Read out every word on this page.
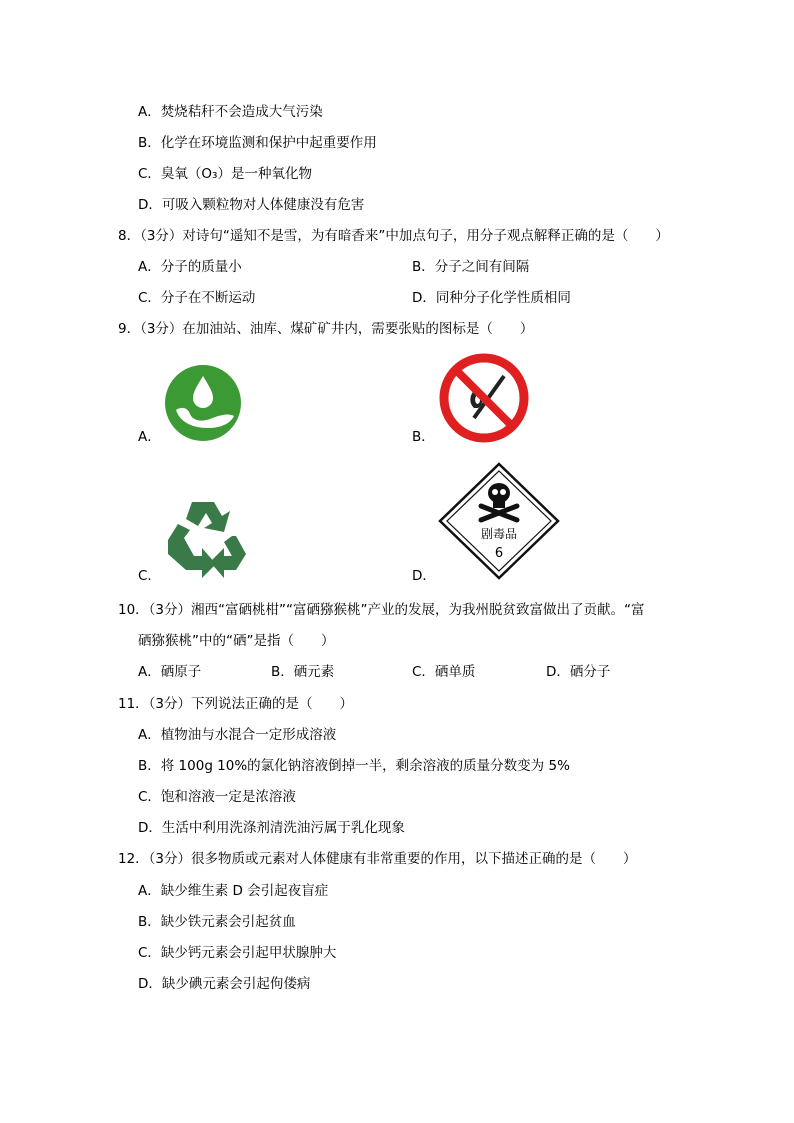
A．焚烧秸秆不会造成大气污染
B．化学在环境监测和保护中起重要作用
C．臭氧（O₃）是一种氧化物
D．可吸入颗粒物对人体健康没有危害
8．（3分）对诗句“遥知不是雪，为有暗香来”中加点句子，用分子观点解释正确的是（　　）
A．分子的质量小	B．分子之间有间隔
C．分子在不断运动	D．同种分子化学性质相同
9．（3分）在加油站、油库、煤矿矿井内，需要张贴的图标是（　　）
A．	B．
C．	D．
剧毒品
6
10．（3分）湘西“富硒桃柑”“富硒猕猴桃”产业的发展，为我州脱贫致富做出了贡献。“富
硒猕猴桃”中的“硒”是指（　　）
A．硒原子	B．硒元素	C．硒单质	D．硒分子
11．（3分）下列说法正确的是（　　）
A．植物油与水混合一定形成溶液
B．将 100g 10%的氯化钠溶液倒掉一半，剩余溶液的质量分数变为 5%
C．饱和溶液一定是浓溶液
D．生活中利用洗涤剂清洗油污属于乳化现象
12．（3分）很多物质或元素对人体健康有非常重要的作用，以下描述正确的是（　　）
A．缺少维生素 D 会引起夜盲症
B．缺少铁元素会引起贫血
C．缺少钙元素会引起甲状腺肿大
D．缺少碘元素会引起佝偻病
